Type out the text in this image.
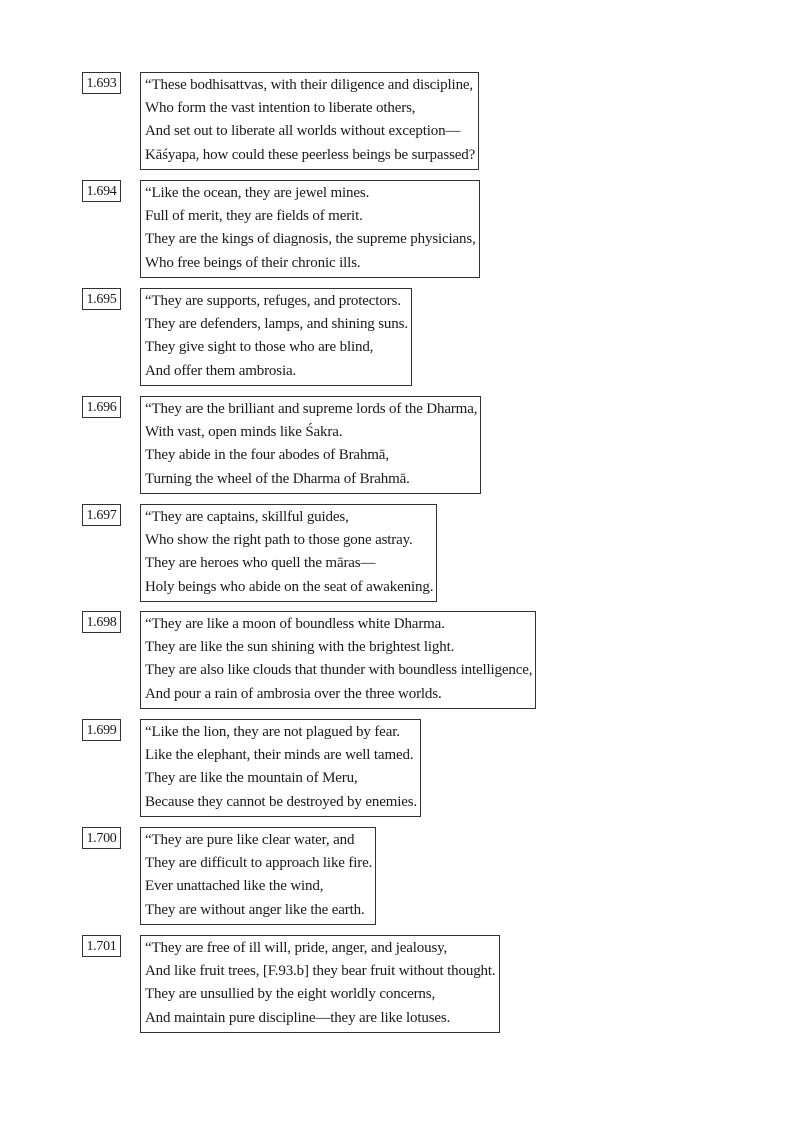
1.693	“These bodhisattvas, with their diligence and discipline,
Who form the vast intention to liberate others,
And set out to liberate all worlds without exception—
Kāśyapa, how could these peerless beings be surpassed?
1.694	“Like the ocean, they are jewel mines.
Full of merit, they are fields of merit.
They are the kings of diagnosis, the supreme physicians,
Who free beings of their chronic ills.
1.695	“They are supports, refuges, and protectors.
They are defenders, lamps, and shining suns.
They give sight to those who are blind,
And offer them ambrosia.
1.696	“They are the brilliant and supreme lords of the Dharma,
With vast, open minds like Śakra.
They abide in the four abodes of Brahmā,
Turning the wheel of the Dharma of Brahmā.
1.697	“They are captains, skillful guides,
Who show the right path to those gone astray.
They are heroes who quell the māras—
Holy beings who abide on the seat of awakening.
1.698	“They are like a moon of boundless white Dharma.
They are like the sun shining with the brightest light.
They are also like clouds that thunder with boundless intelligence,
And pour a rain of ambrosia over the three worlds.
1.699	“Like the lion, they are not plagued by fear.
Like the elephant, their minds are well tamed.
They are like the mountain of Meru,
Because they cannot be destroyed by enemies.
1.700	“They are pure like clear water, and
They are difficult to approach like fire.
Ever unattached like the wind,
They are without anger like the earth.
1.701	“They are free of ill will, pride, anger, and jealousy,
And like fruit trees, [F.93.b] they bear fruit without thought.
They are unsullied by the eight worldly concerns,
And maintain pure discipline—they are like lotuses.
